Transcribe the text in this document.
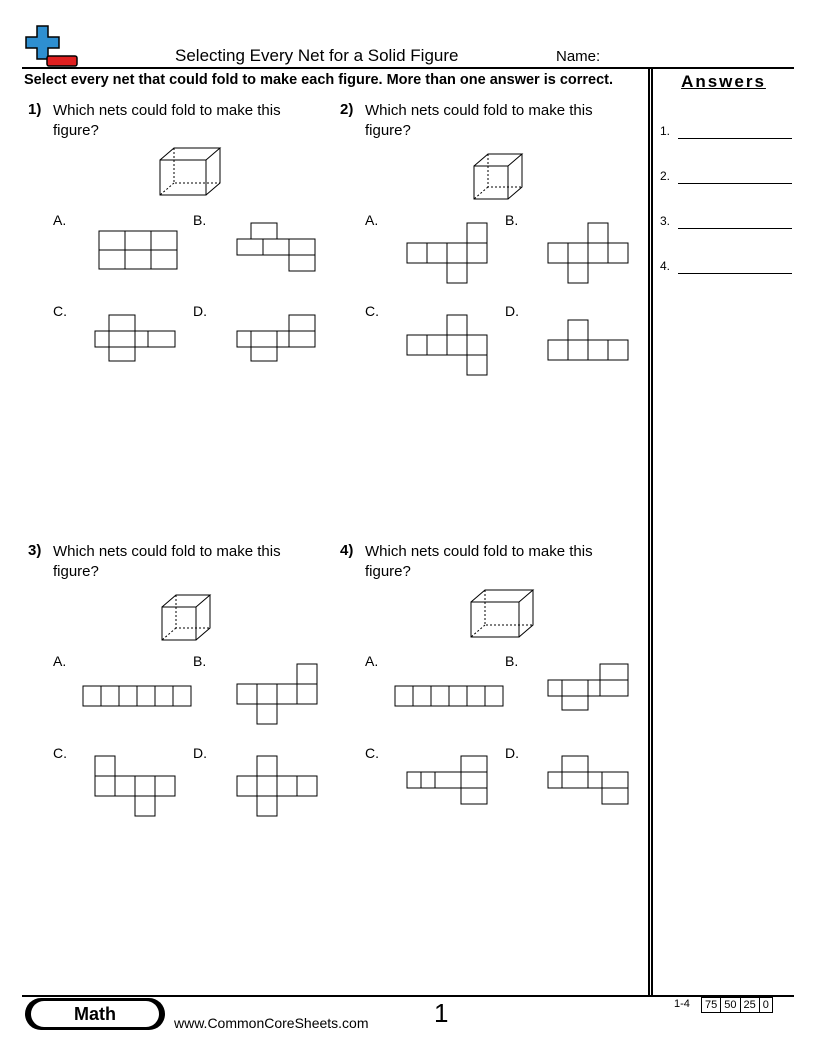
Selecting Every Net for a Solid Figure	Name:
Select every net that could fold to make each figure. More than one answer is correct.	Answers
1.
2.
3.
4.
1) Which nets could fold to make this figure?
A.	B.
C.	D.
2) Which nets could fold to make this figure?
A.	B.
C.	D.
3) Which nets could fold to make this figure?
A.	B.
C.	D.
4) Which nets could fold to make this figure?
A.	B.
C.	D.
Math	www.CommonCoreSheets.com	1	1-4 75	50	25	0
